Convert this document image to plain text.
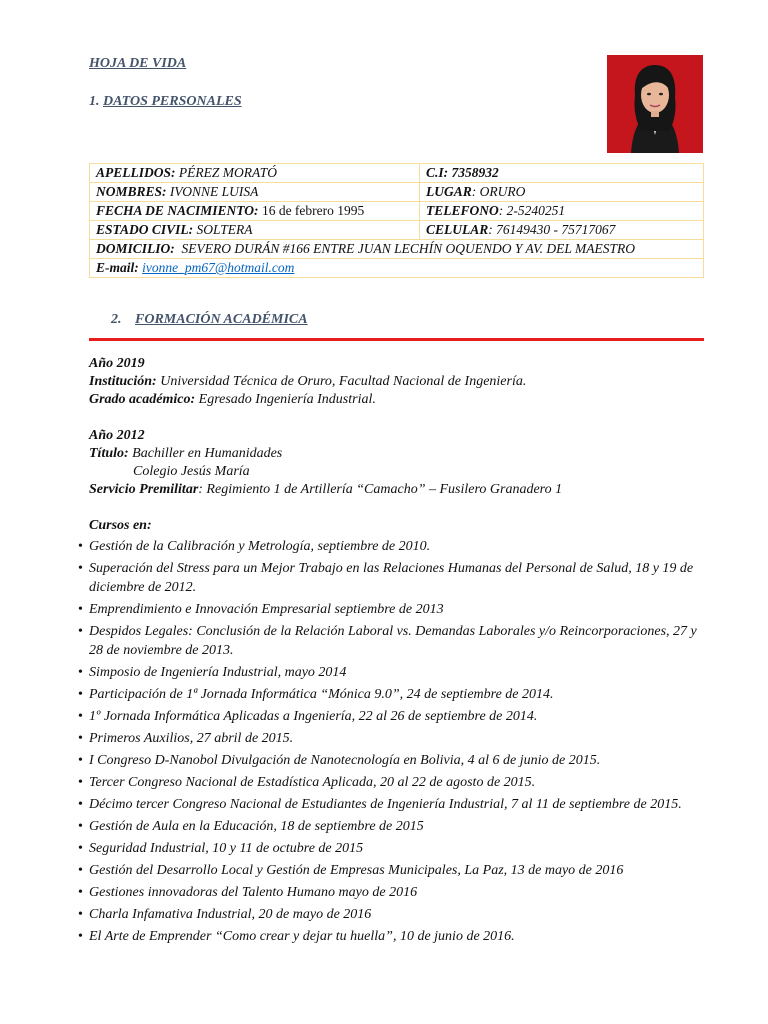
HOJA DE VIDA
1. DATOS PERSONALES
APELLIDOS: PÉREZ MORATÓ	C.I: 7358932
NOMBRES: IVONNE LUISA	LUGAR: ORURO
FECHA DE NACIMIENTO: 16 de febrero 1995	TELEFONO: 2-5240251
ESTADO CIVIL: SOLTERA	CELULAR: 76149430 - 75717067
DOMICILIO: SEVERO DURÁN #166 ENTRE JUAN LECHÍN OQUENDO Y AV. DEL MAESTRO	
E-mail: ivonne_pm67@hotmail.com	
2. FORMACIÓN ACADÉMICA

Año 2019

Institución: Universidad Técnica de Oruro, Facultad Nacional de Ingeniería.

Grado académico: Egresado Ingeniería Industrial.

Año 2012

Título: Bachiller en Humanidades

Colegio Jesús María

Servicio Premilitar: Regimiento 1 de Artillería “Camacho” – Fusilero Granadero 1

Cursos en:

• Gestión de la Calibración y Metrología, septiembre de 2010.
• Superación del Stress para un Mejor Trabajo en las Relaciones Humanas del Personal de Salud, 18 y 19 de diciembre de 2012.
• Emprendimiento e Innovación Empresarial septiembre de 2013
• Despidos Legales: Conclusión de la Relación Laboral vs. Demandas Laborales y/o Reincorporaciones, 27 y 28 de noviembre de 2013.
• Simposio de Ingeniería Industrial, mayo 2014
• Participación de 1ª Jornada Informática “Mónica 9.0”, 24 de septiembre de 2014.
• 1º Jornada Informática Aplicadas a Ingeniería, 22 al 26 de septiembre de 2014.
• Primeros Auxilios, 27 abril de 2015.
• I Congreso D-Nanobol Divulgación de Nanotecnología en Bolivia, 4 al 6 de junio de 2015.
• Tercer Congreso Nacional de Estadística Aplicada, 20 al 22 de agosto de 2015.
• Décimo tercer Congreso Nacional de Estudiantes de Ingeniería Industrial, 7 al 11 de septiembre de 2015.
• Gestión de Aula en la Educación, 18 de septiembre de 2015
• Seguridad Industrial, 10 y 11 de octubre de 2015
• Gestión del Desarrollo Local y Gestión de Empresas Municipales, La Paz, 13 de mayo de 2016
• Gestiones innovadoras del Talento Humano mayo de 2016
• Charla Infamativa Industrial, 20 de mayo de 2016
• El Arte de Emprender “Como crear y dejar tu huella”, 10 de junio de 2016.
